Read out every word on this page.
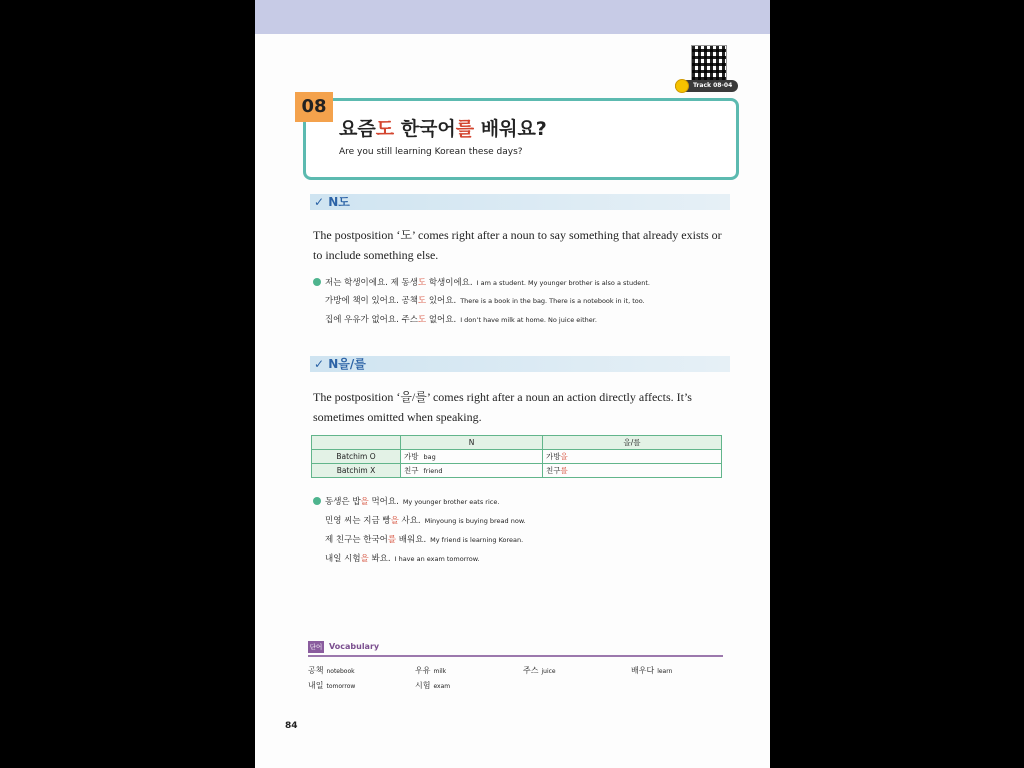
Track 08-04
08
요즘도 한국어를 배워요?
Are you still learning Korean these days?
✓ N도
The postposition ‘도’ comes right after a noun to say something that already exists or to include something else.
저는 학생이에요. 제 동생도 학생이에요. I am a student. My younger brother is also a student.
가방에 책이 있어요. 공책도 있어요. There is a book in the bag. There is a notebook in it, too.
집에 우유가 없어요. 주스도 없어요. I don’t have milk at home. No juice either.
✓ N을/를
The postposition ‘을/를’ comes right after a noun an action directly affects. It’s sometimes omitted when speaking.
	N	을/를
Batchim O	가방 bag	가방을
Batchim X	친구 friend	친구를
동생은 밥을 먹어요. My younger brother eats rice.
민영 씨는 지금 빵을 사요. Minyoung is buying bread now.
제 친구는 한국어를 배워요. My friend is learning Korean.
내일 시험을 봐요. I have an exam tomorrow.
단어 Vocabulary
공책 notebook	우유 milk	주스 juice	배우다 learn
내일 tomorrow	시험 exam
84
